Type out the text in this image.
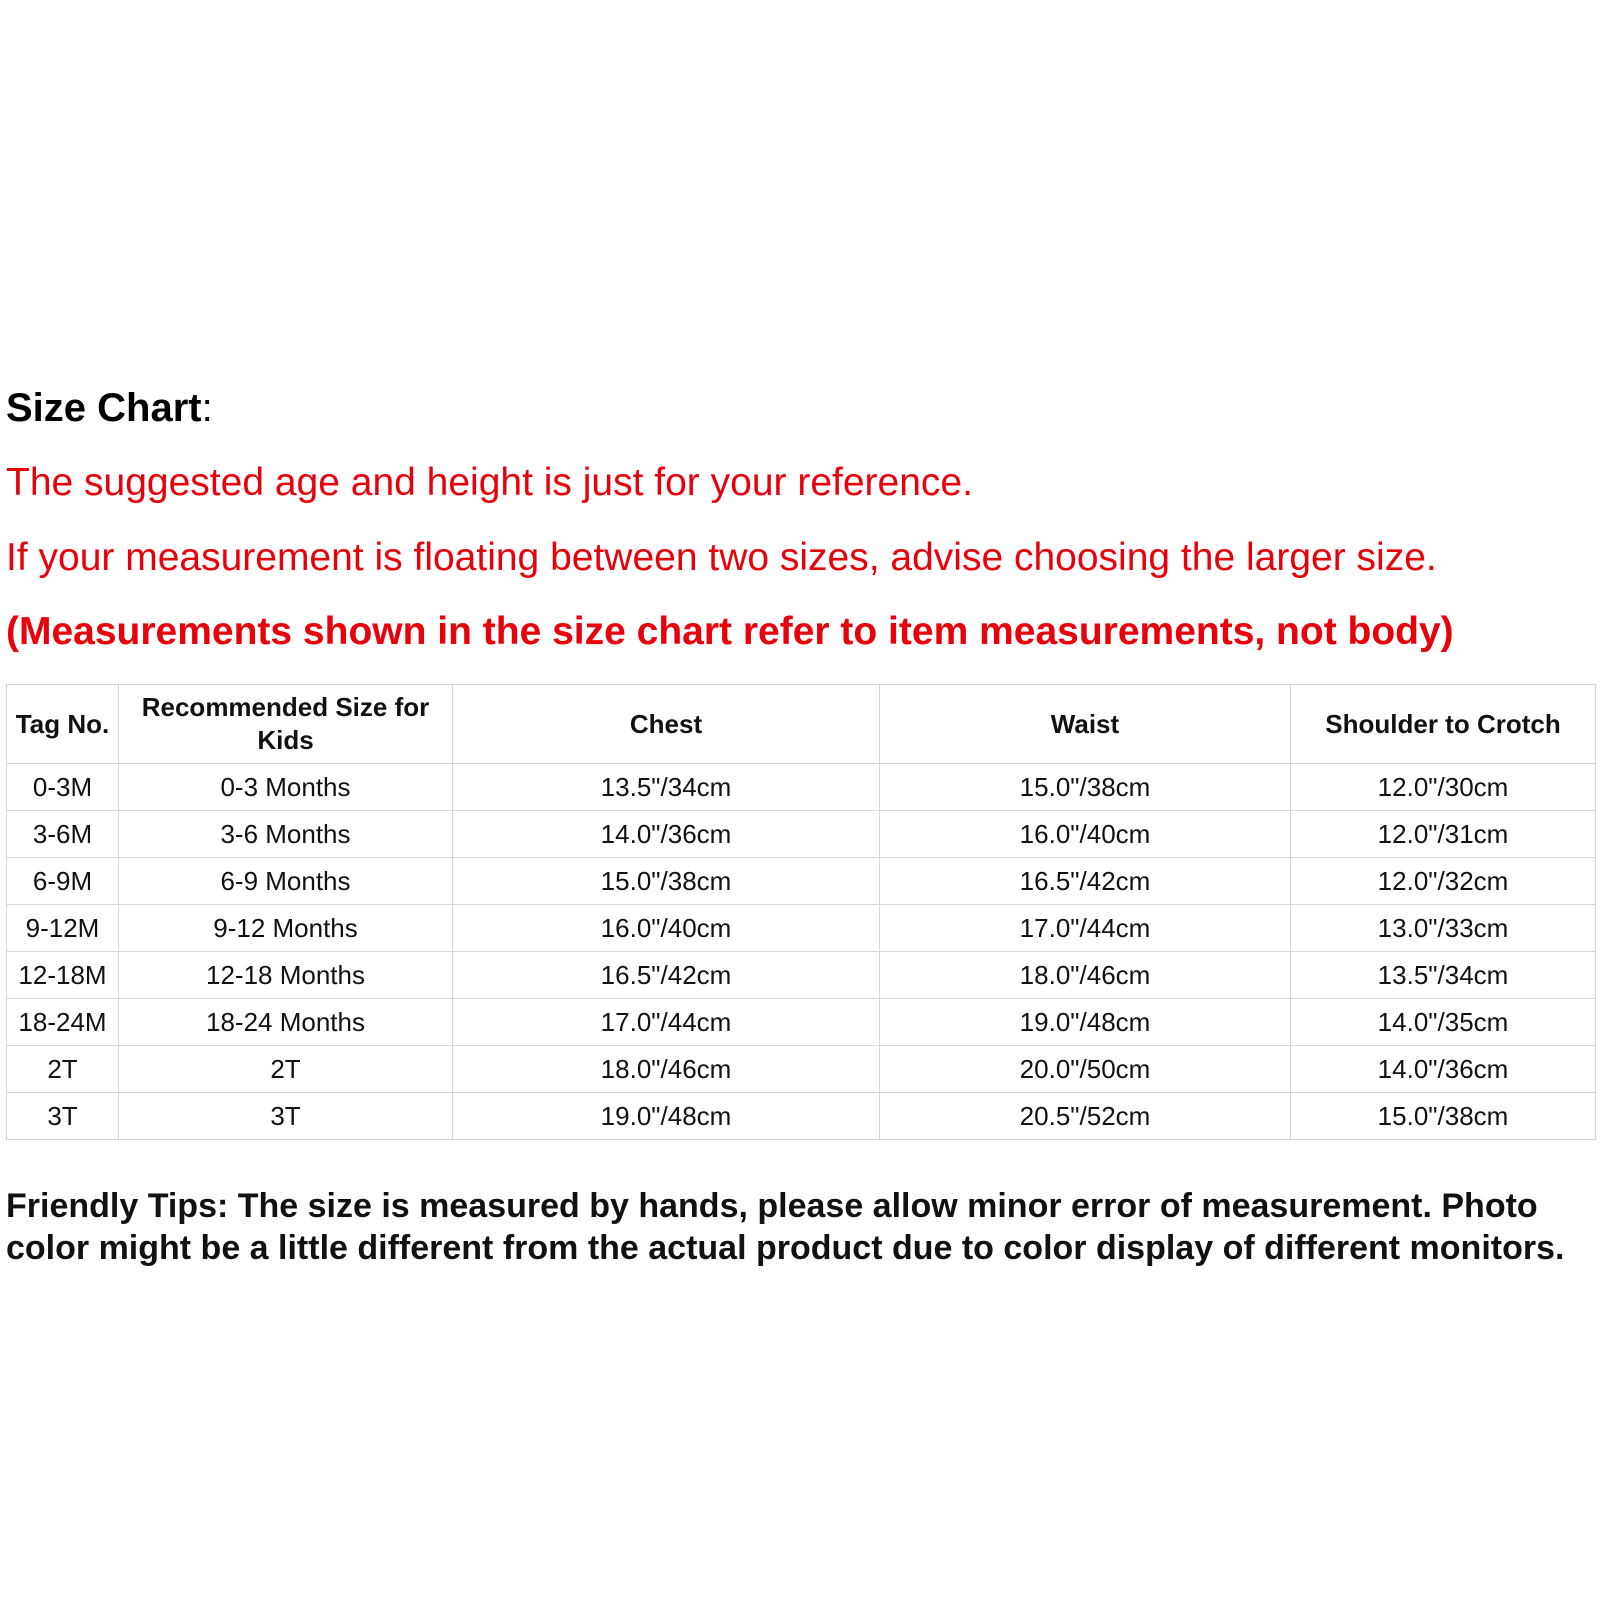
Size Chart:
The suggested age and height is just for your reference.
If your measurement is floating between two sizes, advise choosing the larger size.
(Measurements shown in the size chart refer to item measurements, not body)
Tag No.	Recommended Size for Kids	Chest	Waist	Shoulder to Crotch
0-3M	0-3 Months	13.5"/34cm	15.0"/38cm	12.0"/30cm
3-6M	3-6 Months	14.0"/36cm	16.0"/40cm	12.0"/31cm
6-9M	6-9 Months	15.0"/38cm	16.5"/42cm	12.0"/32cm
9-12M	9-12 Months	16.0"/40cm	17.0"/44cm	13.0"/33cm
12-18M	12-18 Months	16.5"/42cm	18.0"/46cm	13.5"/34cm
18-24M	18-24 Months	17.0"/44cm	19.0"/48cm	14.0"/35cm
2T	2T	18.0"/46cm	20.0"/50cm	14.0"/36cm
3T	3T	19.0"/48cm	20.5"/52cm	15.0"/38cm
Friendly Tips: The size is measured by hands, please allow minor error of measurement. Photo color might be a little different from the actual product due to color display of different monitors.
